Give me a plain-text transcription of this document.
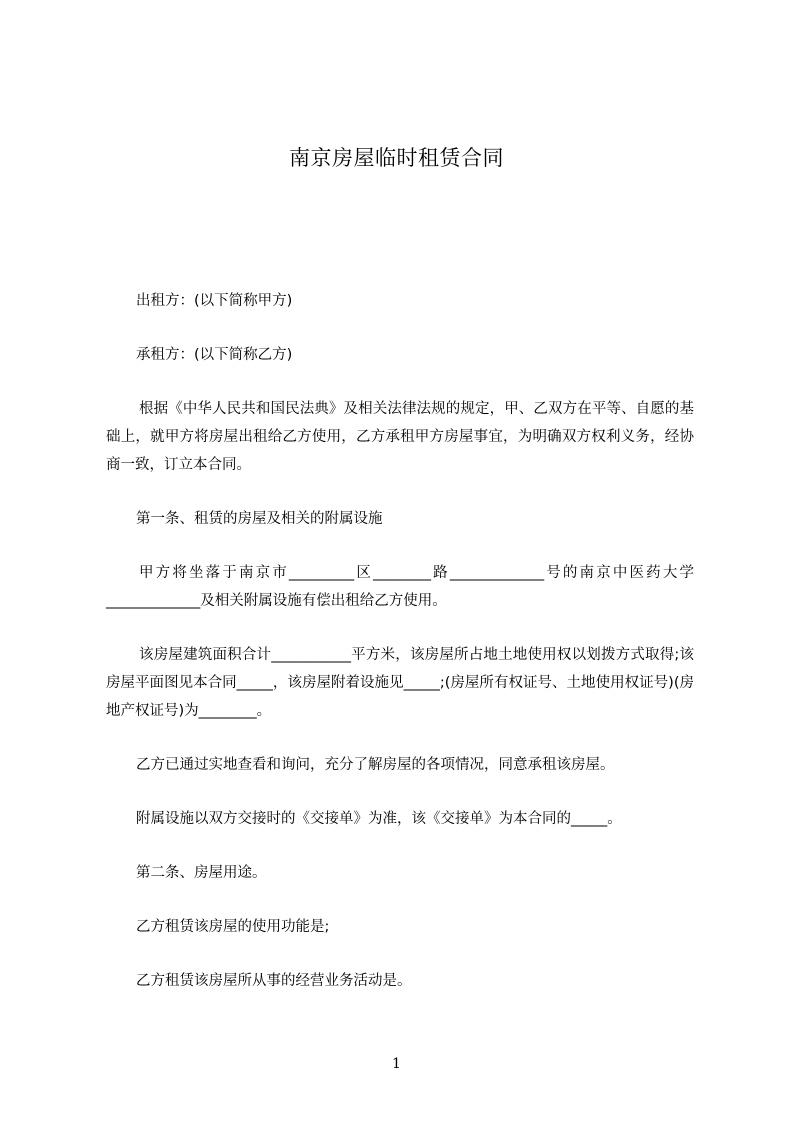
南京房屋临时租赁合同

出租方：(以下简称甲方)

承租方：(以下简称乙方)

根据《中华人民共和国民法典》及相关法律法规的规定，甲、乙双方在平等、自愿的基础上，就甲方将房屋出租给乙方使用，乙方承租甲方房屋事宜，为明确双方权利义务，经协商一致，订立本合同。

第一条、租赁的房屋及相关的附属设施

甲方将坐落于南京市_________区________路_____________号的南京中医药大学_____________及相关附属设施有偿出租给乙方使用。

该房屋建筑面积合计___________平方米，该房屋所占地土地使用权以划拨方式取得;该房屋平面图见本合同_____，该房屋附着设施见_____;(房屋所有权证号、土地使用权证号)(房地产权证号)为________。

乙方已通过实地查看和询问，充分了解房屋的各项情况，同意承租该房屋。

附属设施以双方交接时的《交接单》为准，该《交接单》为本合同的_____。

第二条、房屋用途。

乙方租赁该房屋的使用功能是;

乙方租赁该房屋所从事的经营业务活动是。

1
